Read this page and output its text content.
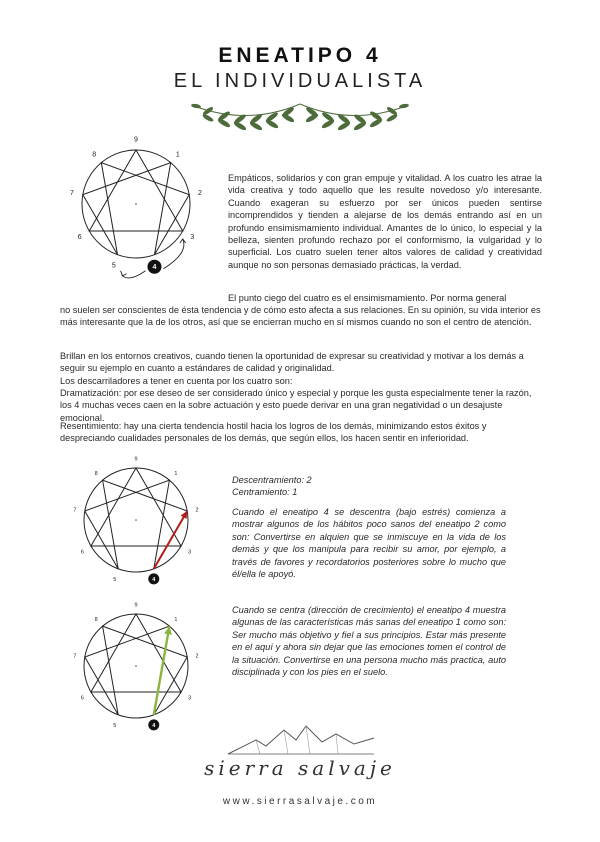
ENEATIPO 4
EL INDIVIDUALISTA
9
1
2
3
5
6
7
8
4
Empáticos, solidarios y con gran empuje y vitalidad. A los cuatro les atrae la vida creativa y todo aquello que les resulte novedoso y/o interesante. Cuando exageran su esfuerzo por ser únicos pueden sentirse incomprendidos y tienden a alejarse de los demás entrando así en un profundo ensimismamiento individual. Amantes de lo único, lo especial y la belleza, sienten profundo rechazo por el conformismo, la vulgaridad y lo superficial. Los cuatro suelen tener altos valores de calidad y creatividad aunque no son personas demasiado prácticas, la verdad.
El punto ciego del cuatro es el ensimismamiento. Por norma general
no suelen ser conscientes de ésta tendencia y de cómo esto afecta a sus relaciones. En su opinión, su vida interior es más interesante que la de los otros, así que se encierran mucho en sí mismos cuando no son el centro de atención.
Brillan en los entornos creativos, cuando tienen la oportunidad de expresar su creatividad y motivar a los demás a seguir su ejemplo en cuanto a estándares de calidad y originalidad.
Los descarriladores a tener en cuenta por los cuatro son:
Dramatización: por ese deseo de ser considerado único y especial y porque les gusta especialmente tener la razón, los 4 muchas veces caen en la sobre actuación y esto puede derivar en una gran negatividad o un desajuste emocional.
Resentimiento: hay una cierta tendencia hostil hacia los logros de los demás, minimizando estos éxitos y despreciando cualidades personales de los demás, que según ellos, los hacen sentir en inferioridad.
9
1
2
3
5
6
7
8
4
9
1
2
3
5
6
7
8
4
Descentramiento: 2
Centramiento: 1
Cuando el eneatipo 4 se descentra (bajo estrés) comienza a mostrar algunos de los hábitos poco sanos del eneatipo 2 como son: Convertirse en alquien que se inmiscuye en la vida de los demás y que los manipula para recibir su amor, por ejemplo, a través de favores y recordatorios posteriores sobre lo mucho que él/ella le apoyó.
Cuando se centra (dirección de crecimiento) el eneatipo 4 muestra algunas de las características más sanas del eneatipo 1 como son: Ser mucho más objetivo y fiel a sus principios. Estar más presente en el aquí y ahora sin dejar que las emociones tomen el control de la situación. Convertirse en una persona mucho más practica, auto disciplinada y con los pies en el suelo.
sierra salvaje
www.sierrasalvaje.com
